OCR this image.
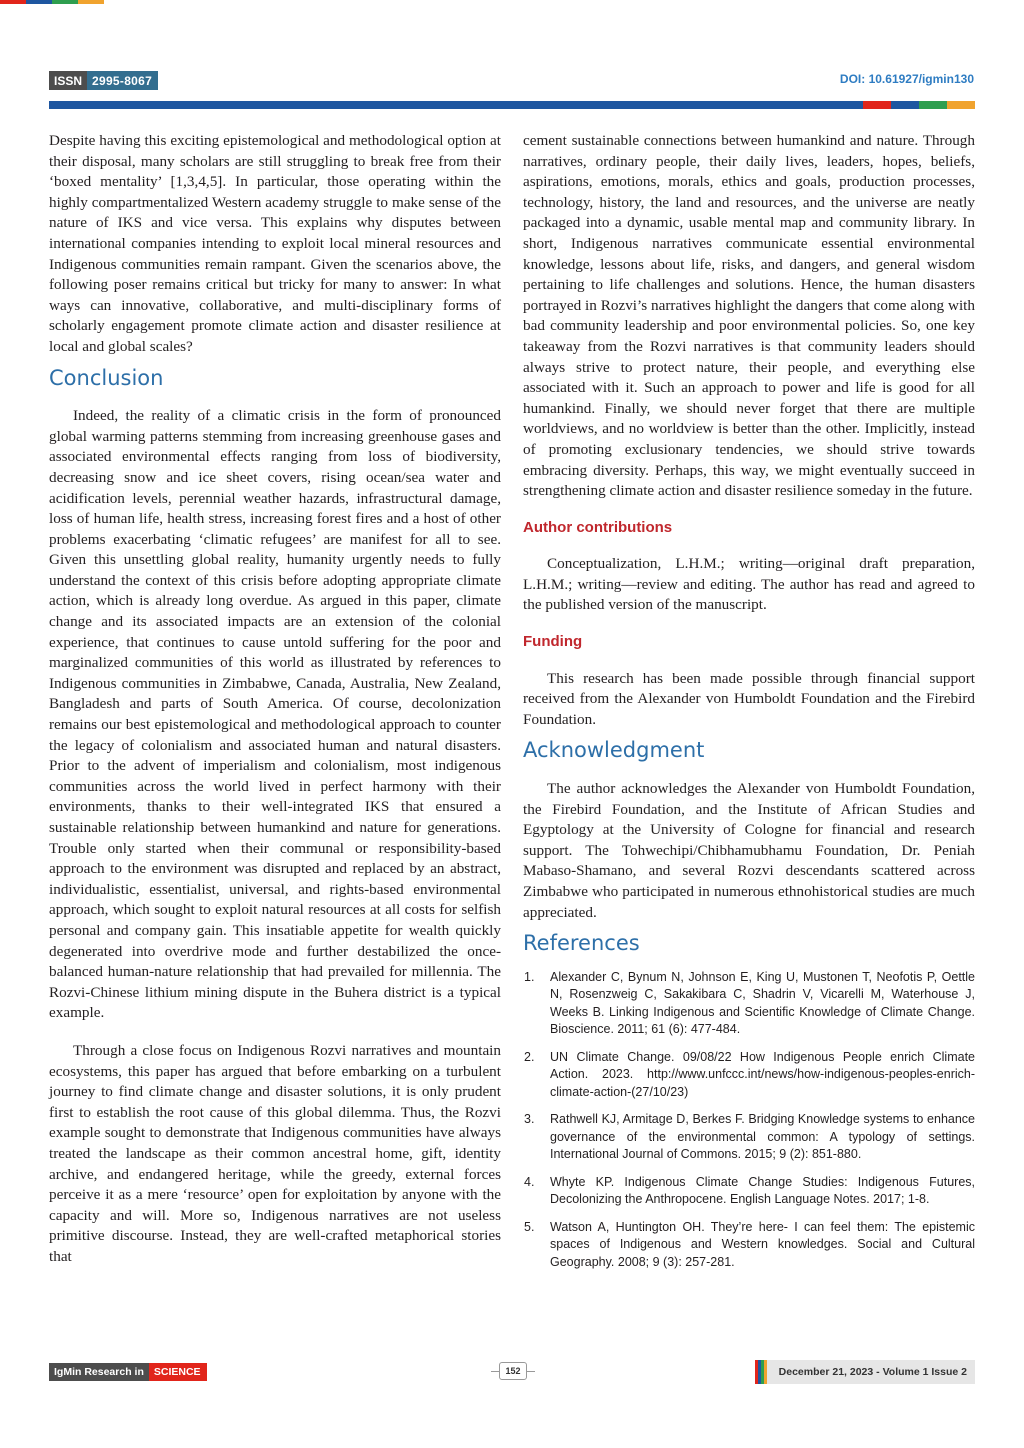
ISSN 2995-8067	DOI: 10.61927/igmin130

Despite having this exciting epistemological and methodological option at their disposal, many scholars are still struggling to break free from their ‘boxed mentality’ [1,3,4,5]. In particular, those operating within the highly compartmentalized Western academy struggle to make sense of the nature of IKS and vice versa. This explains why disputes between international companies intending to exploit local mineral resources and Indigenous communities remain rampant. Given the scenarios above, the following poser remains critical but tricky for many to answer: In what ways can innovative, collaborative, and multi-disciplinary forms of scholarly engagement promote climate action and disaster resilience at local and global scales?

Conclusion

Indeed, the reality of a climatic crisis in the form of pronounced global warming patterns stemming from increasing greenhouse gases and associated environmental effects ranging from loss of biodiversity, decreasing snow and ice sheet covers, rising ocean/sea water and acidification levels, perennial weather hazards, infrastructural damage, loss of human life, health stress, increasing forest fires and a host of other problems exacerbating ‘climatic refugees’ are manifest for all to see. Given this unsettling global reality, humanity urgently needs to fully understand the context of this crisis before adopting appropriate climate action, which is already long overdue. As argued in this paper, climate change and its associated impacts are an extension of the colonial experience, that continues to cause untold suffering for the poor and marginalized communities of this world as illustrated by references to Indigenous communities in Zimbabwe, Canada, Australia, New Zealand, Bangladesh and parts of South America. Of course, decolonization remains our best epistemological and methodological approach to counter the legacy of colonialism and associated human and natural disasters. Prior to the advent of imperialism and colonialism, most indigenous communities across the world lived in perfect harmony with their environments, thanks to their well-integrated IKS that ensured a sustainable relationship between humankind and nature for generations. Trouble only started when their communal or responsibility-based approach to the environment was disrupted and replaced by an abstract, individualistic, essentialist, universal, and rights-based environmental approach, which sought to exploit natural resources at all costs for selfish personal and company gain. This insatiable appetite for wealth quickly degenerated into overdrive mode and further destabilized the once-balanced human-nature relationship that had prevailed for millennia. The Rozvi-Chinese lithium mining dispute in the Buhera district is a typical example.

Through a close focus on Indigenous Rozvi narratives and mountain ecosystems, this paper has argued that before embarking on a turbulent journey to find climate change and disaster solutions, it is only prudent first to establish the root cause of this global dilemma. Thus, the Rozvi example sought to demonstrate that Indigenous communities have always treated the landscape as their common ancestral home, gift, identity archive, and endangered heritage, while the greedy, external forces perceive it as a mere ‘resource’ open for exploitation by anyone with the capacity and will. More so, Indigenous narratives are not useless primitive discourse. Instead, they are well-crafted metaphorical stories that

cement sustainable connections between humankind and nature. Through narratives, ordinary people, their daily lives, leaders, hopes, beliefs, aspirations, emotions, morals, ethics and goals, production processes, technology, history, the land and resources, and the universe are neatly packaged into a dynamic, usable mental map and community library. In short, Indigenous narratives communicate essential environmental knowledge, lessons about life, risks, and dangers, and general wisdom pertaining to life challenges and solutions. Hence, the human disasters portrayed in Rozvi’s narratives highlight the dangers that come along with bad community leadership and poor environmental policies. So, one key takeaway from the Rozvi narratives is that community leaders should always strive to protect nature, their people, and everything else associated with it. Such an approach to power and life is good for all humankind. Finally, we should never forget that there are multiple worldviews, and no worldview is better than the other. Implicitly, instead of promoting exclusionary tendencies, we should strive towards embracing diversity. Perhaps, this way, we might eventually succeed in strengthening climate action and disaster resilience someday in the future.

Author contributions

Conceptualization, L.H.M.; writing—original draft preparation, L.H.M.; writing—review and editing. The author has read and agreed to the published version of the manuscript.

Funding

This research has been made possible through financial support received from the Alexander von Humboldt Foundation and the Firebird Foundation.

Acknowledgment

The author acknowledges the Alexander von Humboldt Foundation, the Firebird Foundation, and the Institute of African Studies and Egyptology at the University of Cologne for financial and research support. The Tohwechipi/Chibhamubhamu Foundation, Dr. Peniah Mabaso-Shamano, and several Rozvi descendants scattered across Zimbabwe who participated in numerous ethnohistorical studies are much appreciated.

References
1. Alexander C, Bynum N, Johnson E, King U, Mustonen T, Neofotis P, Oettle N, Rosenzweig C, Sakakibara C, Shadrin V, Vicarelli M, Waterhouse J, Weeks B. Linking Indigenous and Scientific Knowledge of Climate Change. Bioscience. 2011; 61 (6): 477-484.
2. UN Climate Change. 09/08/22 How Indigenous People enrich Climate Action. 2023. http://www.unfccc.int/news/how-indigenous-peoples-enrich-climate-action-(27/10/23)
3. Rathwell KJ, Armitage D, Berkes F. Bridging Knowledge systems to enhance governance of the environmental common: A typology of settings. International Journal of Commons. 2015; 9 (2): 851-880.
4. Whyte KP. Indigenous Climate Change Studies: Indigenous Futures, Decolonizing the Anthropocene. English Language Notes. 2017; 1-8.
5. Watson A, Huntington OH. They’re here- I can feel them: The epistemic spaces of Indigenous and Western knowledges. Social and Cultural Geography. 2008; 9 (3): 257-281.
IgMin Research in SCIENCE	152	December 21, 2023 - Volume 1 Issue 2
